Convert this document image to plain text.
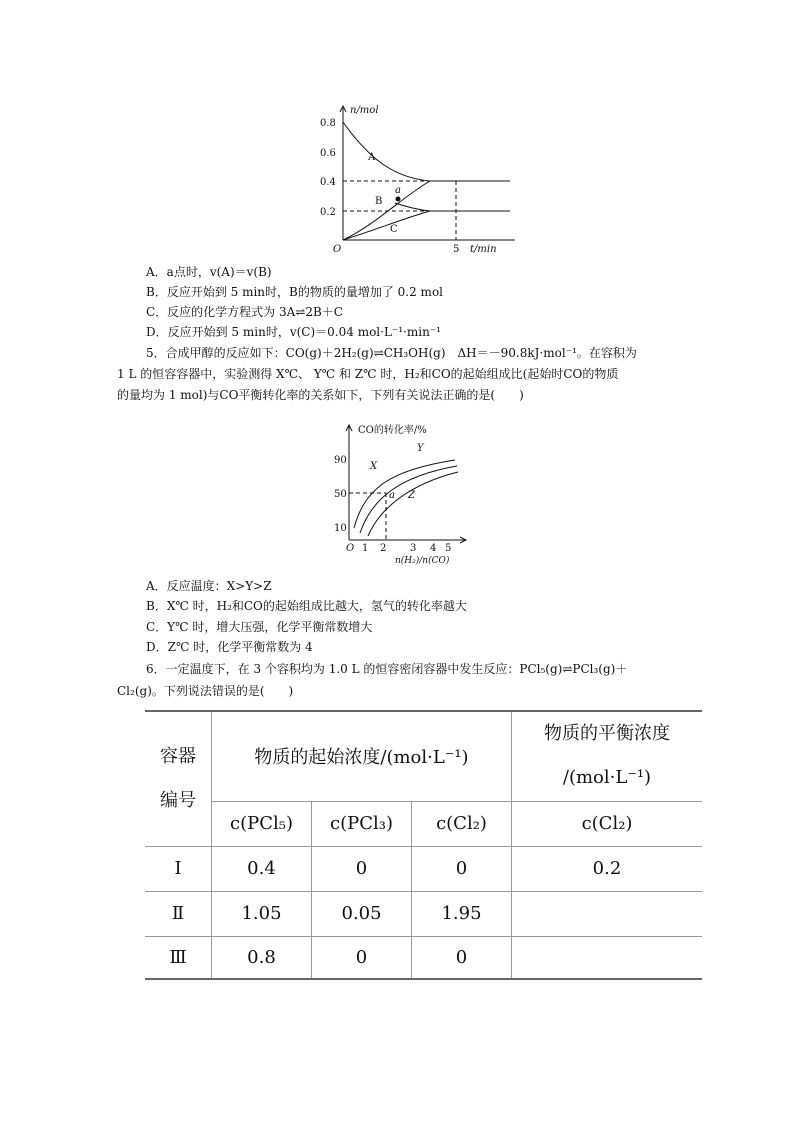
n/mol
0.8
0.6
0.4
0.2
O	5 t/min
A
B
C
a
A．a点时，v(A)＝v(B)
B．反应开始到 5 min时，B的物质的量增加了 0.2 mol
C．反应的化学方程式为 3A⇌2B＋C
D．反应开始到 5 min时，v(C)＝0.04 mol·L⁻¹·min⁻¹
5．合成甲醇的反应如下：CO(g)＋2H₂(g)⇌CH₃OH(g)　ΔH＝－90.8kJ·mol⁻¹。在容积为
1 L 的恒容容器中，实验测得 X℃、 Y℃ 和 Z℃ 时，H₂和CO的起始组成比(起始时CO的物质
的量均为 1 mol)与CO平衡转化率的关系如下，下列有关说法正确的是(　　)
CO的转化率/%
90
50
10
O 1 2 3 4 5
n(H₂)/n(CO)
X
Y
Z
a
A．反应温度：X>Y>Z
B．X℃ 时，H₂和CO的起始组成比越大，氢气的转化率越大
C．Y℃ 时，增大压强，化学平衡常数增大
D．Z℃ 时，化学平衡常数为 4
6．一定温度下，在 3 个容积均为 1.0 L 的恒容密闭容器中发生反应：PCl₅(g)⇌PCl₃(g)＋
Cl₂(g)。下列说法错误的是(　　)
容器
编号	物质的起始浓度/(mol·L⁻¹)			物质的平衡浓度
/(mol·L⁻¹)
	c(PCl₅)	c(PCl₃)	c(Cl₂)	c(Cl₂)
Ⅰ	0.4	0	0	0.2
Ⅱ	1.05	0.05	1.95	
Ⅲ	0.8	0	0	
